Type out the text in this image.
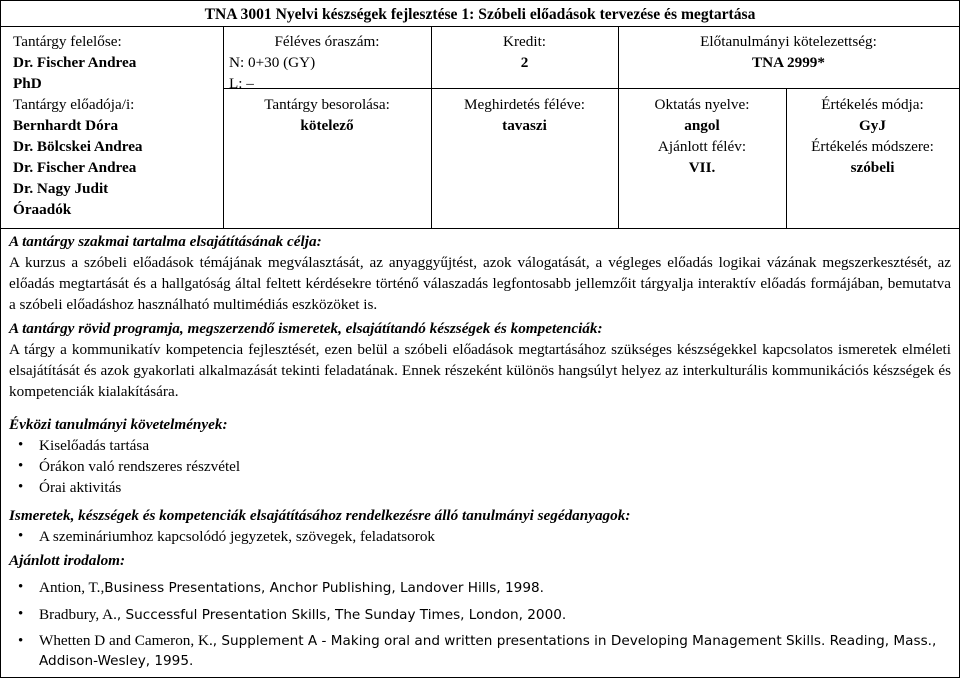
TNA 3001 Nyelvi készségek fejlesztése 1: Szóbeli előadások tervezése és megtartása
Tantárgy felelőse:
Dr. Fischer Andrea
PhD
Féléves óraszám:
N: 0+30 (GY)
L: –
Kredit:
2
Előtanulmányi kötelezettség:
TNA 2999*
Tantárgy előadója/i:
Bernhardt Dóra
Dr. Bölcskei Andrea
Dr. Fischer Andrea
Dr. Nagy Judit
Óraadók
Tantárgy besorolása:
kötelező
Meghirdetés féléve:
tavaszi
Oktatás nyelve:
angol
Ajánlott félév:
VII.
Értékelés módja:
GyJ
Értékelés módszere:
szóbeli
A tantárgy szakmai tartalma elsajátításának célja:
A kurzus a szóbeli előadások témájának megválasztását, az anyaggyűjtést, azok válogatását, a végleges előadás logikai vázának megszerkesztését, az előadás megtartását és a hallgatóság által feltett kérdésekre történő válaszadás legfontosabb jellemzőit tárgyalja interaktív előadás formájában, bemutatva a szóbeli előadáshoz használható multimédiás eszközöket is.
A tantárgy rövid programja, megszerzendő ismeretek, elsajátítandó készségek és kompetenciák:
A tárgy a kommunikatív kompetencia fejlesztését, ezen belül a szóbeli előadások megtartásához szükséges készségekkel kapcsolatos ismeretek elméleti elsajátítását és azok gyakorlati alkalmazását tekinti feladatának. Ennek részeként különös hangsúlyt helyez az interkulturális kommunikációs készségek és kompetenciák kialakítására.
Évközi tanulmányi követelmények:
• Kiselőadás tartása
• Órákon való rendszeres részvétel
• Órai aktivitás
Ismeretek, készségek és kompetenciák elsajátításához rendelkezésre álló tanulmányi segédanyagok:
• A szemináriumhoz kapcsolódó jegyzetek, szövegek, feladatsorok
Ajánlott irodalom:
• Antion, T.,Business Presentations, Anchor Publishing, Landover Hills, 1998.
• Bradbury, A., Successful Presentation Skills, The Sunday Times, London, 2000.
• Whetten D and Cameron, K., Supplement A - Making oral and written presentations in Developing Management Skills. Reading, Mass., Addison-Wesley, 1995.
